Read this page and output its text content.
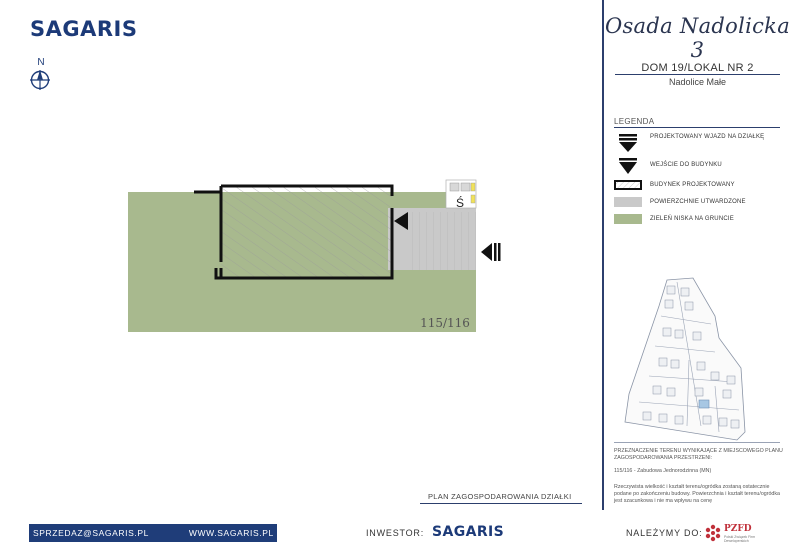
SAGARIS
N
Osada Nadolicka 3
DOM 19/LOKAL NR 2
Nadolice Małe
LEGENDA
PROJEKTOWANY WJAZD NA DZIAŁKĘ
WEJŚCIE DO BUDYNKU
BUDYNEK PROJEKTOWANY
POWIERZCHNIE UTWARDZONE
ZIELEŃ NISKA NA GRUNCIE
PRZEZNACZENIE TERENU WYNIKAJĄCE Z MIEJSCOWEGO PLANU ZAGOSPODAROWANIA PRZESTRZENI:
115/116 - Zabudowa Jednorodzinna (MN)
Rzeczywista wielkość i kształt terenu/ogródka zostaną ostatecznie podane po zakończeniu budowy. Powierzchnia i kształt terenu/ogródka jest szacunkowa i nie ma wpływu na cenę
Ś
115/116
PLAN ZAGOSPODAROWANIA DZIAŁKI
SPRZEDAZ@SAGARIS.PL	WWW.SAGARIS.PL	INWESTOR: SAGARIS	NALEŻYMY DO: PZFD
Polski Związek Firm Deweloperskich
